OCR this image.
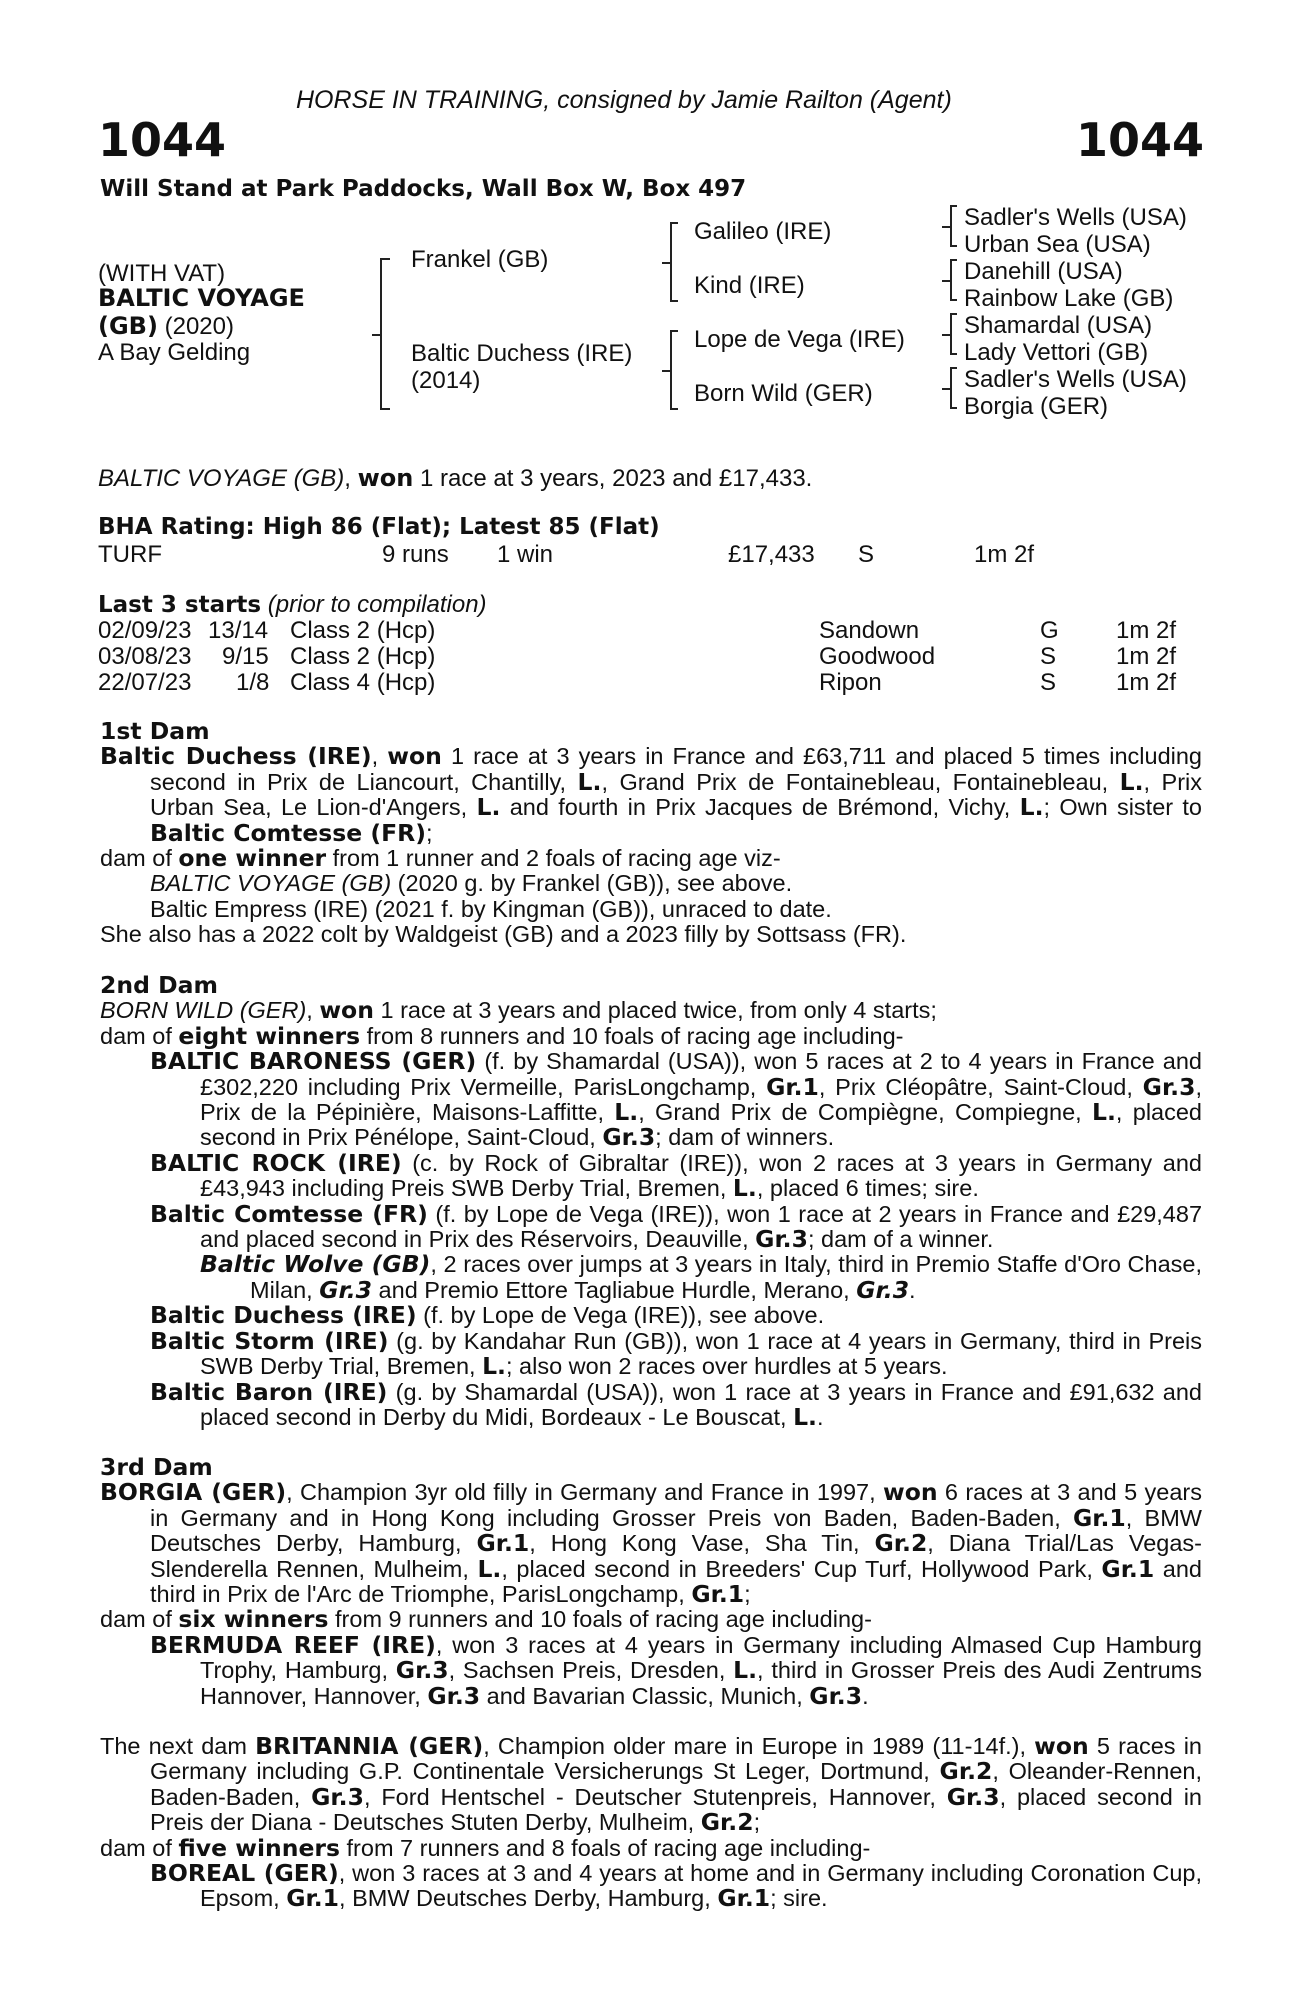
HORSE IN TRAINING, consigned by Jamie Railton (Agent)
1044	1044
Will Stand at Park Paddocks, Wall Box W, Box 497
(WITH VAT)
BALTIC VOYAGE
(GB) (2020)
A Bay Gelding
Frankel (GB)
Baltic Duchess (IRE)
(2014)
Galileo (IRE)
Kind (IRE)
Lope de Vega (IRE)
Born Wild (GER)
Sadler's Wells (USA)
Urban Sea (USA)
Danehill (USA)
Rainbow Lake (GB)
Shamardal (USA)
Lady Vettori (GB)
Sadler's Wells (USA)
Borgia (GER)
BALTIC VOYAGE (GB), won 1 race at 3 years, 2023 and £17,433.
BHA Rating: High 86 (Flat); Latest 85 (Flat)
TURF	9 runs 1 win	£17,433 S	1m 2f
Last 3 starts (prior to compilation)
02/09/23 13/14 Class 2 (Hcp)	Sandown	G 1m 2f
03/08/23 9/15 Class 2 (Hcp)	Goodwood	S 1m 2f
22/07/23 1/8 Class 4 (Hcp)	Ripon	S 1m 2f
1st Dam
Baltic Duchess (IRE), won 1 race at 3 years in France and £63,711 and placed 5 times including second in Prix de Liancourt, Chantilly, L., Grand Prix de Fontainebleau, Fontainebleau, L., Prix Urban Sea, Le Lion-d'Angers, L. and fourth in Prix Jacques de Brémond, Vichy, L.; Own sister to Baltic Comtesse (FR);
dam of one winner from 1 runner and 2 foals of racing age viz-
BALTIC VOYAGE (GB) (2020 g. by Frankel (GB)), see above.
Baltic Empress (IRE) (2021 f. by Kingman (GB)), unraced to date.
She also has a 2022 colt by Waldgeist (GB) and a 2023 filly by Sottsass (FR).
2nd Dam
BORN WILD (GER), won 1 race at 3 years and placed twice, from only 4 starts;
dam of eight winners from 8 runners and 10 foals of racing age including-
BALTIC BARONESS (GER) (f. by Shamardal (USA)), won 5 races at 2 to 4 years in France and £302,220 including Prix Vermeille, ParisLongchamp, Gr.1, Prix Cléopâtre, Saint-Cloud, Gr.3, Prix de la Pépinière, Maisons-Laffitte, L., Grand Prix de Compiègne, Compiegne, L., placed second in Prix Pénélope, Saint-Cloud, Gr.3; dam of winners.
BALTIC ROCK (IRE) (c. by Rock of Gibraltar (IRE)), won 2 races at 3 years in Germany and £43,943 including Preis SWB Derby Trial, Bremen, L., placed 6 times; sire.
Baltic Comtesse (FR) (f. by Lope de Vega (IRE)), won 1 race at 2 years in France and £29,487 and placed second in Prix des Réservoirs, Deauville, Gr.3; dam of a winner.
Baltic Wolve (GB), 2 races over jumps at 3 years in Italy, third in Premio Staffe d'Oro Chase, Milan, Gr.3 and Premio Ettore Tagliabue Hurdle, Merano, Gr.3.
Baltic Duchess (IRE) (f. by Lope de Vega (IRE)), see above.
Baltic Storm (IRE) (g. by Kandahar Run (GB)), won 1 race at 4 years in Germany, third in Preis SWB Derby Trial, Bremen, L.; also won 2 races over hurdles at 5 years.
Baltic Baron (IRE) (g. by Shamardal (USA)), won 1 race at 3 years in France and £91,632 and placed second in Derby du Midi, Bordeaux - Le Bouscat, L..
3rd Dam
BORGIA (GER), Champion 3yr old filly in Germany and France in 1997, won 6 races at 3 and 5 years in Germany and in Hong Kong including Grosser Preis von Baden, Baden-Baden, Gr.1, BMW Deutsches Derby, Hamburg, Gr.1, Hong Kong Vase, Sha Tin, Gr.2, Diana Trial/Las Vegas-Slenderella Rennen, Mulheim, L., placed second in Breeders' Cup Turf, Hollywood Park, Gr.1 and third in Prix de l'Arc de Triomphe, ParisLongchamp, Gr.1;
dam of six winners from 9 runners and 10 foals of racing age including-
BERMUDA REEF (IRE), won 3 races at 4 years in Germany including Almased Cup Hamburg Trophy, Hamburg, Gr.3, Sachsen Preis, Dresden, L., third in Grosser Preis des Audi Zentrums Hannover, Hannover, Gr.3 and Bavarian Classic, Munich, Gr.3.
The next dam BRITANNIA (GER), Champion older mare in Europe in 1989 (11-14f.), won 5 races in Germany including G.P. Continentale Versicherungs St Leger, Dortmund, Gr.2, Oleander-Rennen, Baden-Baden, Gr.3, Ford Hentschel - Deutscher Stutenpreis, Hannover, Gr.3, placed second in Preis der Diana - Deutsches Stuten Derby, Mulheim, Gr.2;
dam of five winners from 7 runners and 8 foals of racing age including-
BOREAL (GER), won 3 races at 3 and 4 years at home and in Germany including Coronation Cup, Epsom, Gr.1, BMW Deutsches Derby, Hamburg, Gr.1; sire.
